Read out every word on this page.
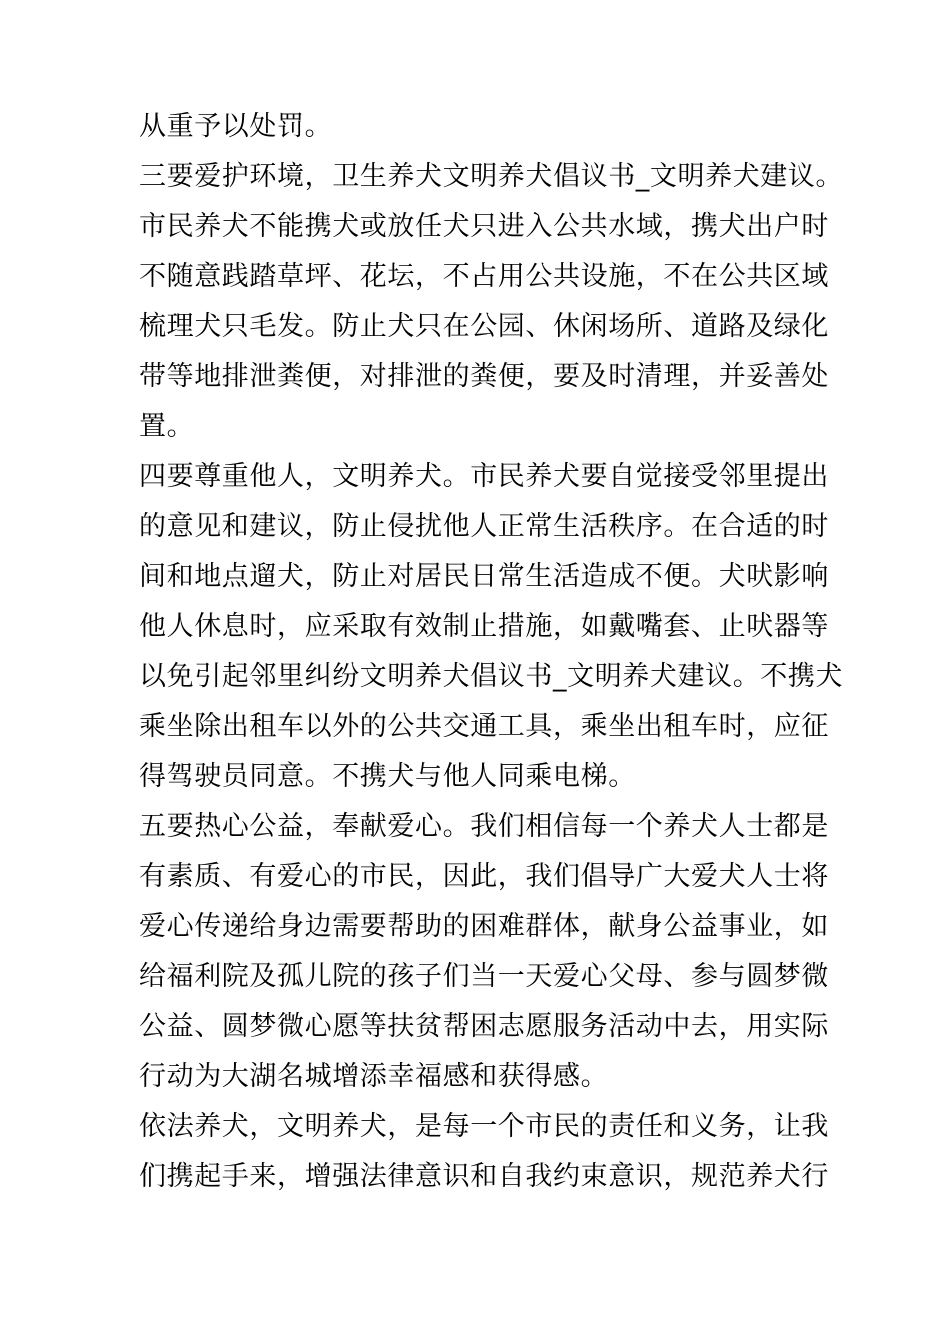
从重予以处罚。
三要爱护环境，卫生养犬文明养犬倡议书_文明养犬建议。
市民养犬不能携犬或放任犬只进入公共水域，携犬出户时
不随意践踏草坪、花坛，不占用公共设施，不在公共区域
梳理犬只毛发。防止犬只在公园、休闲场所、道路及绿化
带等地排泄粪便，对排泄的粪便，要及时清理，并妥善处
置。
四要尊重他人，文明养犬。市民养犬要自觉接受邻里提出
的意见和建议，防止侵扰他人正常生活秩序。在合适的时
间和地点遛犬，防止对居民日常生活造成不便。犬吠影响
他人休息时，应采取有效制止措施，如戴嘴套、止吠器等
以免引起邻里纠纷文明养犬倡议书_文明养犬建议。不携犬
乘坐除出租车以外的公共交通工具，乘坐出租车时，应征
得驾驶员同意。不携犬与他人同乘电梯。
五要热心公益，奉献爱心。我们相信每一个养犬人士都是
有素质、有爱心的市民，因此，我们倡导广大爱犬人士将
爱心传递给身边需要帮助的困难群体，献身公益事业，如
给福利院及孤儿院的孩子们当一天爱心父母、参与圆梦微
公益、圆梦微心愿等扶贫帮困志愿服务活动中去，用实际
行动为大湖名城增添幸福感和获得感。
依法养犬，文明养犬，是每一个市民的责任和义务，让我
们携起手来，增强法律意识和自我约束意识，规范养犬行
